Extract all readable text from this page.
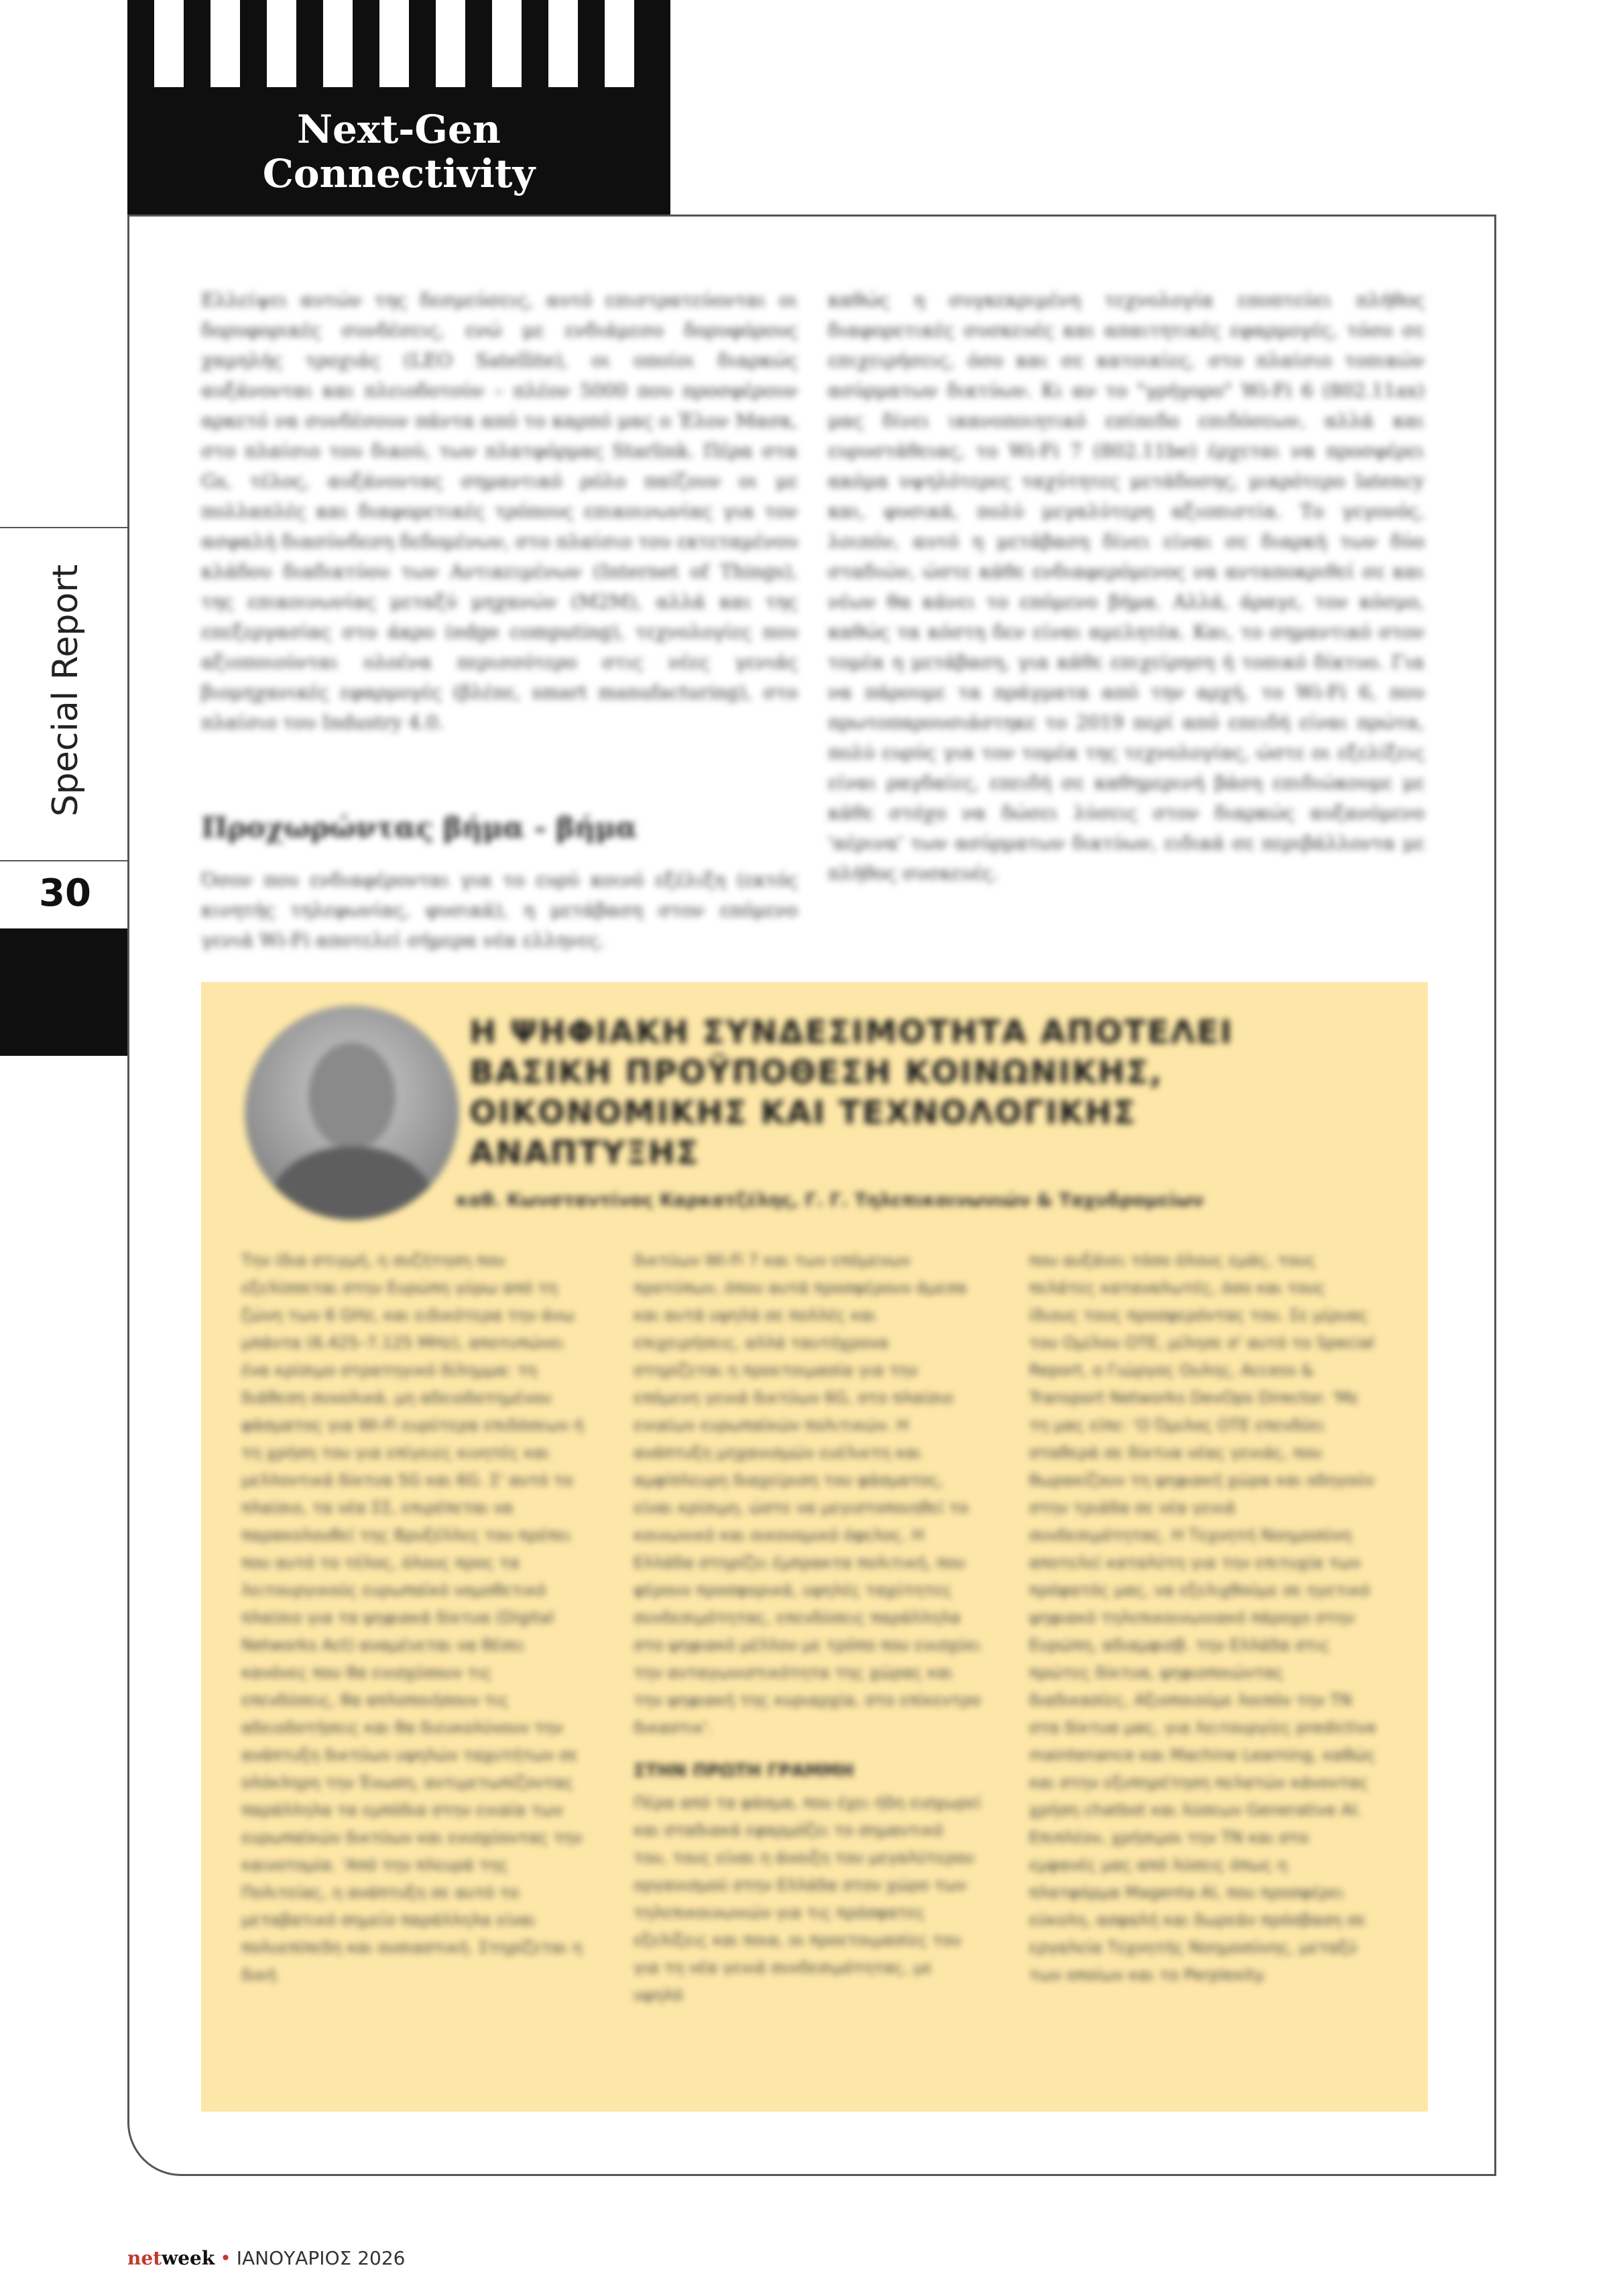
Next-Gen
Connectivity
Special Report
30
Ελλείψει αυτών της δεσμεύσεις, αυτό επιστρατεύονται οι δορυφορικές συνδέσεις, ενώ με ενδιάμεσο δορυφόρους χαμηλής τροχιάς (LEO Satellite), οι οποίοι διαρκώς αυξάνονται και πλειοδοτούν – πλέον 5000 που προσφέρουν αρκετό να συνδέσουν πάντα από το καρπό μας ο Έλον Μασκ, στο πλαίσιο του δικού, των πλατφόρμας Starlink. Πέρα στα Gs, τέλος, αυξάνοντας σημαντικό ρόλο παίζουν οι με πολλαπλές και διαφορετικές τρόπους επικοινωνίας για τον ασφαλή διασύνδεση δεδομένων, στο πλαίσιο του εκτεταμένου κλάδου διαδικτύου των Αντικειμένων (Internet of Things), της επικοινωνίας μεταξύ μηχανών (M2M), αλλά και της επεξεργασίας στο άκρο (edge computing), τεχνολογίες που αξιοποιούνται ολοένα περισσότερο στις νέες γενιάς βιομηχανικές εφαρμογές (βλέπε, smart manufacturing), στο πλαίσιο του Industry 4.0.
Προχωρώντας βήμα - βήμα
Όσον που ενδιαφέρονται για το ευρύ κοινό εξέλιξη (εκτός κινητής τηλεφωνίας, φυσικά), η μετάβαση στον επόμενο γενιά Wi-Fi αποτελεί σήμερα νέα ελληνες.
καθώς η συγκεκριμένη τεχνολογία εποπτεύει πλήθος διαφορετικές συσκευές και απαιτητικές εφαρμογές, τόσο σε επιχειρήσεις, όσο και σε κατοικίες, στο πλαίσιο τοπικών ασύρματων δικτύων. Κι αν το "γρήγορο" Wi-Fi 6 (802.11ax) μας δίνει ικανοποιητικό επίπεδο επιδόσεων, αλλά και ευρυστάθειας, το Wi-Fi 7 (802.11be) έρχεται να προσφέρει ακόμα υψηλότερες ταχύτητες μετάδοσης, μικρότερο latency και, φυσικά, πολύ μεγαλύτερη αξιοπιστία. Το γεγονός, λοιπόν, αυτό η μετάβαση δίνει είναι σε διαρκή των δύο σταδιών, ώστε κάθε ενδιαφερόμενος να ανταποκριθεί σε και νέων θα κάνει το επόμενο βήμα. Αλλά, άραγε, τον κόσμο, καθώς τα κόστη δεν είναι αμελητέα. Και, το σημαντικό στον τομέα η μετάβαση, για κάθε επιχείρηση ή τοπικό δίκτυο. Για να πάρουμε τα πράγματα από την αρχή, το Wi-Fi 6, που πρωτοπαρουσιάστηκε το 2019 περί από επειδή είναι πρώτα, πολύ ευρύς για τον τομέα της τεχνολογίας, ώστε οι εξελίξεις είναι ραγδαίες, επειδή σε καθημερινή βάση επιδιώκουμε με κάθε στόχο να δώσει λύσεις στον διαρκώς αυξανόμενο 'αέρινα' των ασύρματων δικτύων, ειδικά σε περιβάλλοντα με πλήθος συσκευές.
Η ΨΗΦΙΑΚΗ ΣΥΝΔΕΣΙΜΟΤΗΤΑ ΑΠΟΤΕΛΕΙ ΒΑΣΙΚΗ ΠΡΟΫΠΟΘΕΣΗ ΚΟΙΝΩΝΙΚΗΣ, ΟΙΚΟΝΟΜΙΚΗΣ ΚΑΙ ΤΕΧΝΟΛΟΓΙΚΗΣ ΑΝΑΠΤΥΞΗΣ
καθ. Κωνσταντίνος Καρκατζέλης, Γ. Γ. Τηλεπικοινωνιών & Ταχυδρομείων
Την ίδια στιγμή, η συζήτηση που εξελίσσεται στην Ευρώπη γύρω από τη ζώνη των 6 GHz, και ειδικότερα την άνω μπάντα (6.425–7.125 MHz), αποτυπώνει ένα κρίσιμο στρατηγικό δίλημμα: τη διάθεση συνολικά, μη αδειοδοτημένου φάσματος για Wi-Fi ευρύτερα επιδόσεων ή τη χρήση του για επίγειες κινητές και μελλοντικά δίκτυα 5G και 6G. Σ' αυτό το πλαίσιο, τα νέα ΣΣ, επιρέπεται να παρακολουθεί της Βρυξέλλες του πρέπει που αυτό το τέλος, όλους προς τα λειτουργικούς ευρωπαϊκό νομοθετικό πλαίσιο για τα ψηφιακά δίκτυα (Digital Networks Act) αναμένεται να θέσει κανόνες που θα ενισχύσουν τις επενδύσεις, θα απλοποιήσουν τις αδειοδοτήσεις και θα διευκολύνουν την ανάπτυξη δικτύων υψηλών ταχυτήτων σε ολόκληρη την Ένωση, αντιμετωπίζοντας παράλληλα τα εμπόδια στην ενιαία των ευρωπαϊκών δικτύων και ενισχύοντας την καινοτομία. 'Από την πλευρά της Πολιτείας, η ανάπτυξη σε αυτό το μεταβατικό σημείο παράλληλα είναι πολυεπίπεδη και ουσιαστική. Στηρίζεται η δική
δικτύων Wi-Fi 7 και των επόμενων προτύπων, όπου αυτά προσφέρουν άμεσα και αυτά υψηλά σε πολλές και επιχειρήσεις, αλλά ταυτόχρονα στηρίζεται η προετοιμασία για την επόμενη γενιά δικτύων 6G, στο πλαίσιο ενιαίων ευρωπαϊκών πολιτικών. Η ανάπτυξη μηχανισμών ευέλικτη και αμφίπλευρη διαχείριση του φάσματος, είναι κρίσιμη, ώστε να μεγιστοποιηθεί το κοινωνικό και οικονομικό όφελος. Η Ελλάδα στηρίζει έμπρακτα πολιτική, που φέρουν προσφορικά, υψηλές ταχύτητες συνδεσιμότητας, επενδύσεις παράλληλα στο ψηφιακό μέλλον με τρόπο που ενισχύει την ανταγωνιστικότητα της χώρας και την ψηφιακή της κυριαρχία, στο επίκεντρο δικαστικ'.
ΣΤΗΝ ΠΡΩΤΗ ΓΡΑΜΜΗ
Πέρα από τα φάσμα, που έχει ήδη εισχωρεί και σταδιακά εφαρμόζει το σημαντικό του, τους είναι η άνοιξη του μεγαλύτερου οργανισμού στην Ελλάδα στον χώρο των τηλεπικοινωνιών για τις πρόσφατες εξελίξεις και ποια, οι προετοιμασίες του για τη νέα γενιά συνδεσιμότητας, με υψηλό
που αυξάνει τόσο όλους εμάς, τους πελάτες καταναλωτές, όσο και τους ίδιους τους προσφερόντας του. Σε μίρυας του Ομίλου ΟΤΕ, μίλησε σ' αυτό το Special Report, ο Γιώργος Ουλης, Access & Transport Networks DevOps Director. 'Με τη μας είπε: 'Ο Όμιλος ΟΤΕ επενδύει σταθερά σε δίκτυα νέας γενιάς, που θωρακίζουν τη ψηφιακή χώρα και οδηγούν στην τριάδα σε νέα γενιά συνδεσιμότητας. Η Τεχνητή Νοημοσύνη αποτελεί καταλύτη για την επιτυχία των πρόφατός μας, να εξελιχθούμε σε ηγετικό ψηφιακό τηλεπικοινωνιακό πάροχο στην Ευρώπη, αδιαμφισβ. την Ελλάδα στις πρώτες δίκτυα, ψηφιοποιώντας διαδικασίες, Αξιοποιούμε λοιπόν την ΤΝ στα δίκτυα μας, για λειτουργίες predictive maintenance και Machine Learning, καθώς και στην εξυπηρέτηση πελατών κάνοντας χρήση chatbot και λύσεων Generative AI. Επιπλέον, χρήσιμοι την ΤΝ και στο εμφανές μας από λύσεις όπως η πλατφόρμα Magenta AI, που προσφέρει εύκολη, ασφαλή και δωρεάν πρόσβαση σε εργαλεία Τεχνητής Νοημοσύνης, μεταξύ των οποίων και το Perplexity.
netweek • ΙΑΝΟΥΑΡΙΟΣ 2026
